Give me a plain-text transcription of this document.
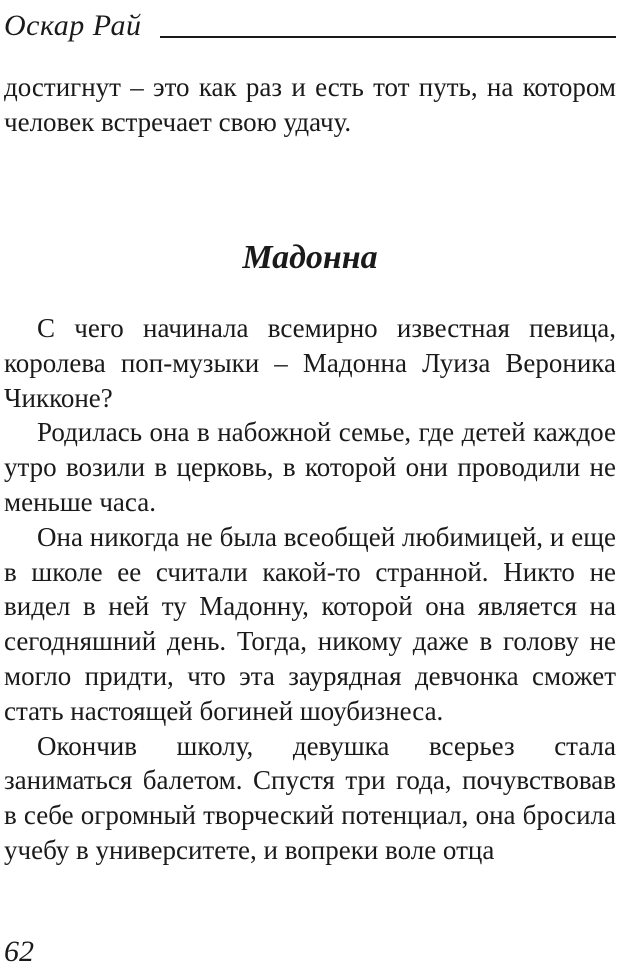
Оскар Рай

достигнут – это как раз и есть тот путь, на котором человек встречает свою удачу.

Мадонна

С чего начинала всемирно известная певица, королева поп-музыки – Мадонна Луиза Вероника Чикконе?

Родилась она в набожной семье, где детей каждое утро возили в церковь, в которой они проводили не меньше часа.

Она никогда не была всеобщей любимицей, и еще в школе ее считали какой-то странной. Никто не видел в ней ту Мадонну, которой она является на сегодняшний день. Тогда, никому даже в голову не могло придти, что эта заурядная девчонка сможет стать настоящей богиней шоубизнеса.

Окончив школу, девушка всерьез стала заниматься балетом. Спустя три года, почувствовав в себе огромный творческий потенциал, она бросила учебу в университете, и вопреки воле отца

62
